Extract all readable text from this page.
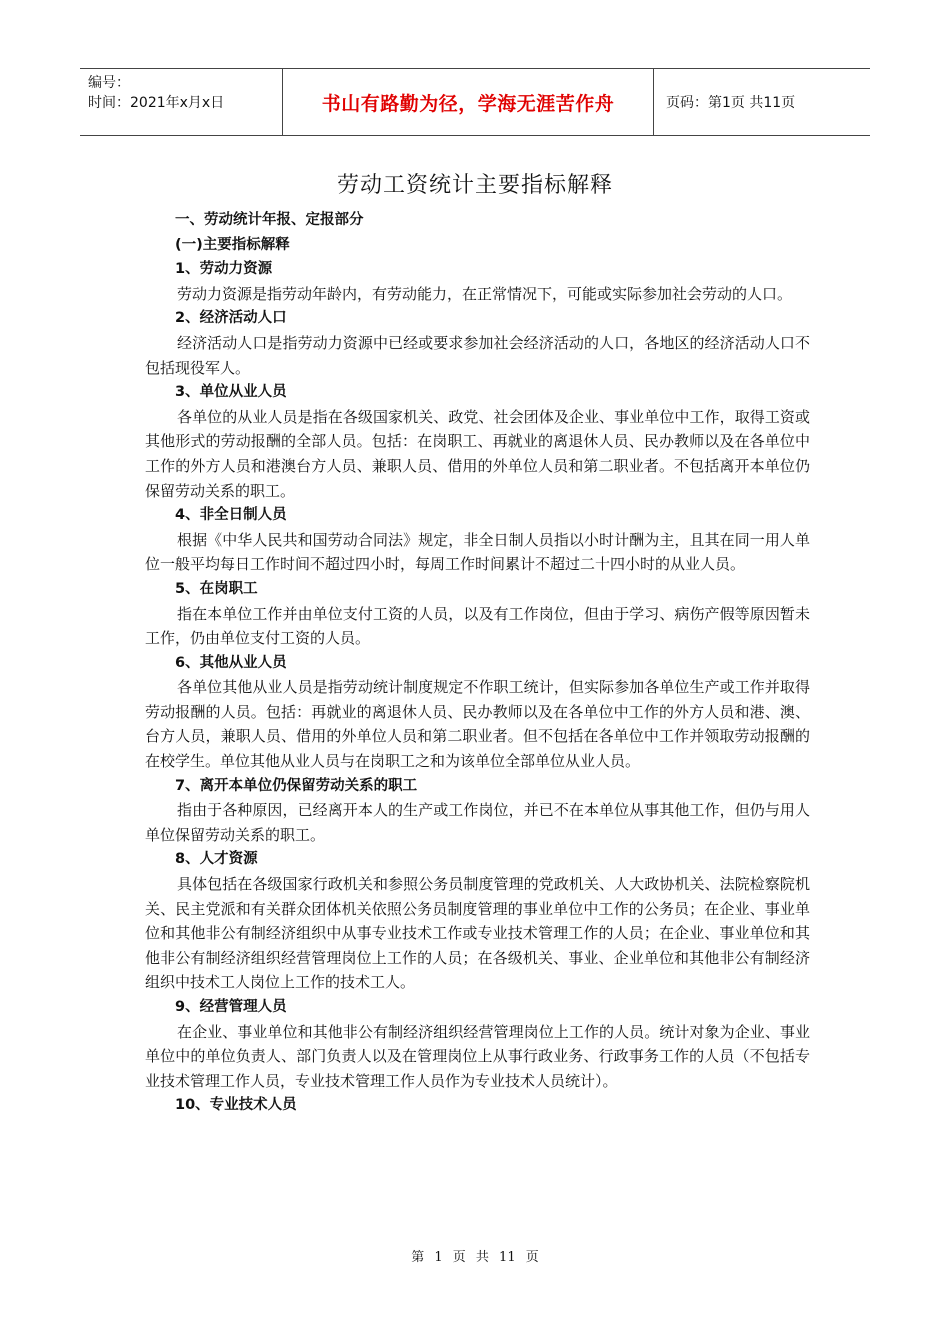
编号：
时间：2021年x月x日	书山有路勤为径，学海无涯苦作舟	页码：第1页 共11页
劳动工资统计主要指标解释

一、劳动统计年报、定报部分

(一)主要指标解释

1、劳动力资源

劳动力资源是指劳动年龄内，有劳动能力，在正常情况下，可能或实际参加社会劳动的人口。

2、经济活动人口

经济活动人口是指劳动力资源中已经或要求参加社会经济活动的人口，各地区的经济活动人口不包括现役军人。

3、单位从业人员

各单位的从业人员是指在各级国家机关、政党、社会团体及企业、事业单位中工作，取得工资或其他形式的劳动报酬的全部人员。包括：在岗职工、再就业的离退休人员、民办教师以及在各单位中工作的外方人员和港澳台方人员、兼职人员、借用的外单位人员和第二职业者。不包括离开本单位仍保留劳动关系的职工。

4、非全日制人员

根据《中华人民共和国劳动合同法》规定，非全日制人员指以小时计酬为主，且其在同一用人单位一般平均每日工作时间不超过四小时，每周工作时间累计不超过二十四小时的从业人员。

5、在岗职工

指在本单位工作并由单位支付工资的人员，以及有工作岗位，但由于学习、病伤产假等原因暂未工作，仍由单位支付工资的人员。

6、其他从业人员

各单位其他从业人员是指劳动统计制度规定不作职工统计，但实际参加各单位生产或工作并取得劳动报酬的人员。包括：再就业的离退休人员、民办教师以及在各单位中工作的外方人员和港、澳、台方人员，兼职人员、借用的外单位人员和第二职业者。但不包括在各单位中工作并领取劳动报酬的在校学生。单位其他从业人员与在岗职工之和为该单位全部单位从业人员。

7、离开本单位仍保留劳动关系的职工

指由于各种原因，已经离开本人的生产或工作岗位，并已不在本单位从事其他工作，但仍与用人单位保留劳动关系的职工。

8、人才资源

具体包括在各级国家行政机关和参照公务员制度管理的党政机关、人大政协机关、法院检察院机关、民主党派和有关群众团体机关依照公务员制度管理的事业单位中工作的公务员；在企业、事业单位和其他非公有制经济组织中从事专业技术工作或专业技术管理工作的人员；在企业、事业单位和其他非公有制经济组织经营管理岗位上工作的人员；在各级机关、事业、企业单位和其他非公有制经济组织中技术工人岗位上工作的技术工人。

9、经营管理人员

在企业、事业单位和其他非公有制经济组织经营管理岗位上工作的人员。统计对象为企业、事业单位中的单位负责人、部门负责人以及在管理岗位上从事行政业务、行政事务工作的人员（不包括专业技术管理工作人员，专业技术管理工作人员作为专业技术人员统计）。

10、专业技术人员

第 1 页 共 11 页
